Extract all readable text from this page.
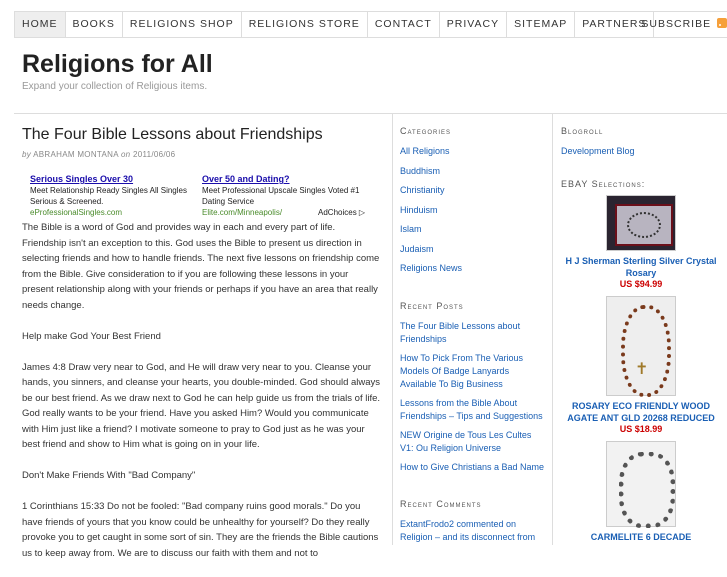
HOME	BOOKS	RELIGIONS SHOP	RELIGIONS STORE	CONTACT	PRIVACY	SITEMAP	PARTNERS
SUBSCRIBE
Religions for All
Expand your collection of Religious items.
The Four Bible Lessons about Friendships
by ABRAHAM MONTANA on 2011/06/06
Serious Singles Over 30
Meet Relationship Ready Singles All Singles Serious & Screened.
eProfessionalSingles.com
Over 50 and Dating?
Meet Professional Upscale Singles Voted #1 Dating Service
Elite.com/Minneapolis/	AdChoices ▷

The Bible is a word of God and provides way in each and every part of life. Friendship isn't an exception to this. God uses the Bible to present us direction in selecting friends and how to handle friends. The next five lessons on friendship come from the Bible. Give consideration to if you are following these lessons in your present relationship along with your friends or perhaps if you have an area that really needs change.

Help make God Your Best Friend

James 4:8 Draw very near to God, and He will draw very near to you. Cleanse your hands, you sinners, and cleanse your hearts, you double-minded. God should always be our best friend. As we draw next to God he can help guide us from the trials of life. God really wants to be your friend. Have you asked Him? Would you communicate with Him just like a friend? I motivate someone to pray to God just as he was your best friend and show to Him what is going on in your life.

Don't Make Friends With "Bad Company"

1 Corinthians 15:33 Do not be fooled: "Bad company ruins good morals." Do you have friends of yours that you know could be unhealthy for yourself? Do they really provoke you to get caught in some sort of sin. They are the friends the Bible cautions us to keep away from. We are to discuss our faith with them and not to

Categories
All Religions
Buddhism
Christianity
Hinduism
Islam
Judaism
Religions News
Recent Posts
The Four Bible Lessons about Friendships
How To Pick From The Various Models Of Badge Lanyards Available To Big Business
Lessons from the Bible About Friendships – Tips and Suggestions
NEW Origine de Tous Les Cultes V1: Ou Religion Universe
How to Give Christians a Bad Name
Recent Comments
ExtantFrodo2 commented on Religion – and its disconnect from
Blogroll
Development Blog
EBAY Selections:
H J Sherman Sterling Silver Crystal Rosary
US $94.99
✝
ROSARY ECO FRIENDLY WOOD AGATE ANT GLD 20268 REDUCED
US $18.99
CARMELITE 6 DECADE
